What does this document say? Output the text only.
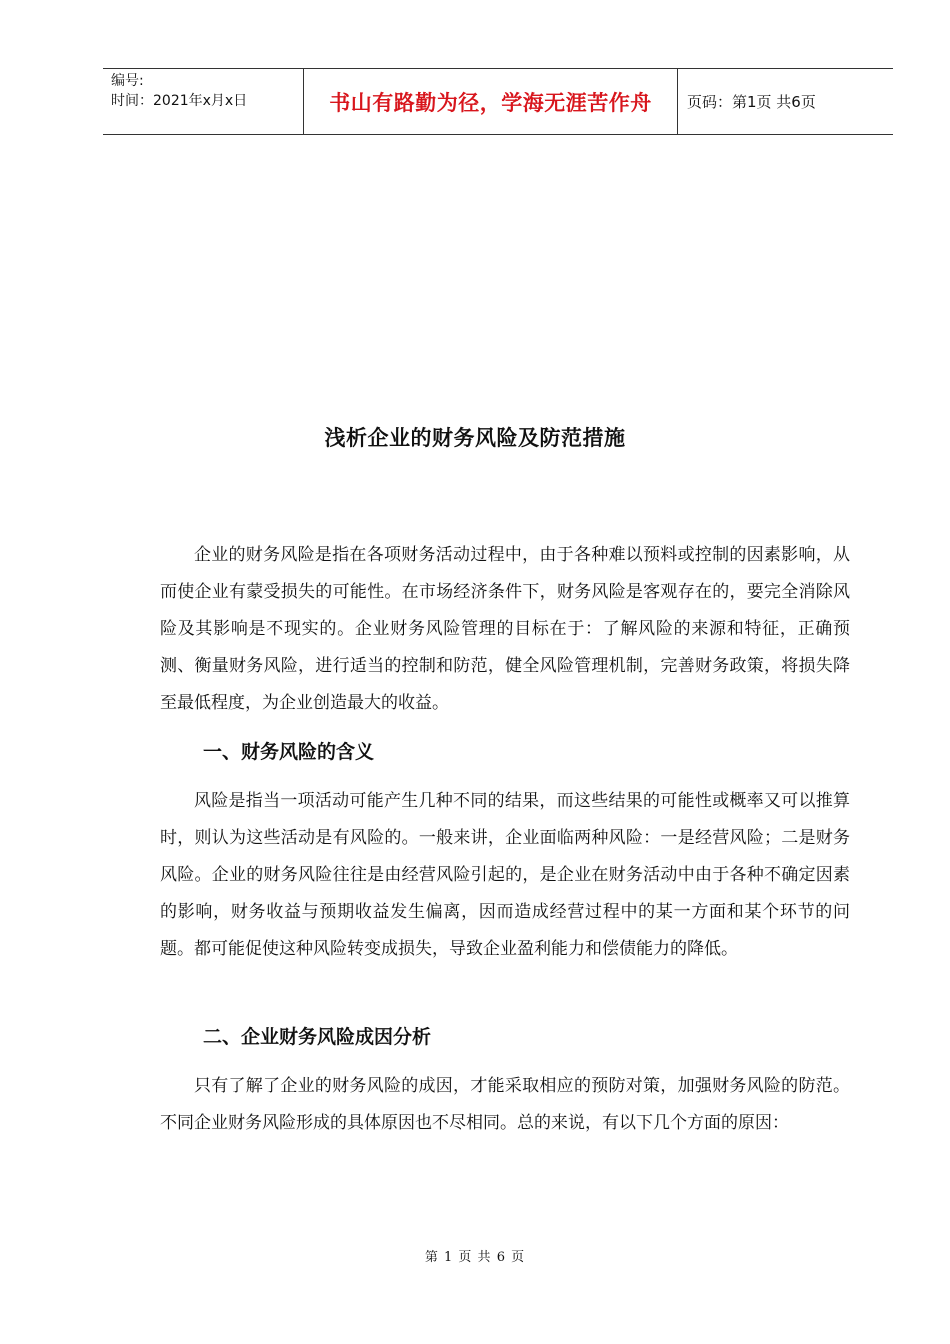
编号:
时间：2021年x月x日	书山有路勤为径，学海无涯苦作舟 页码：第1页 共6页
浅析企业的财务风险及防范措施

企业的财务风险是指在各项财务活动过程中，由于各种难以预料或控制的因素影响，从而使企业有蒙受损失的可能性。在市场经济条件下，财务风险是客观存在的，要完全消除风险及其影响是不现实的。企业财务风险管理的目标在于：了解风险的来源和特征，正确预测、衡量财务风险，进行适当的控制和防范，健全风险管理机制，完善财务政策，将损失降至最低程度，为企业创造最大的收益。

一、财务风险的含义

风险是指当一项活动可能产生几种不同的结果，而这些结果的可能性或概率又可以推算时，则认为这些活动是有风险的。一般来讲，企业面临两种风险：一是经营风险；二是财务风险。企业的财务风险往往是由经营风险引起的，是企业在财务活动中由于各种不确定因素的影响，财务收益与预期收益发生偏离，因而造成经营过程中的某一方面和某个环节的问题。都可能促使这种风险转变成损失，导致企业盈利能力和偿债能力的降低。

二、企业财务风险成因分析

只有了解了企业的财务风险的成因，才能采取相应的预防对策，加强财务风险的防范。不同企业财务风险形成的具体原因也不尽相同。总的来说，有以下几个方面的原因：

第 1 页 共 6 页
